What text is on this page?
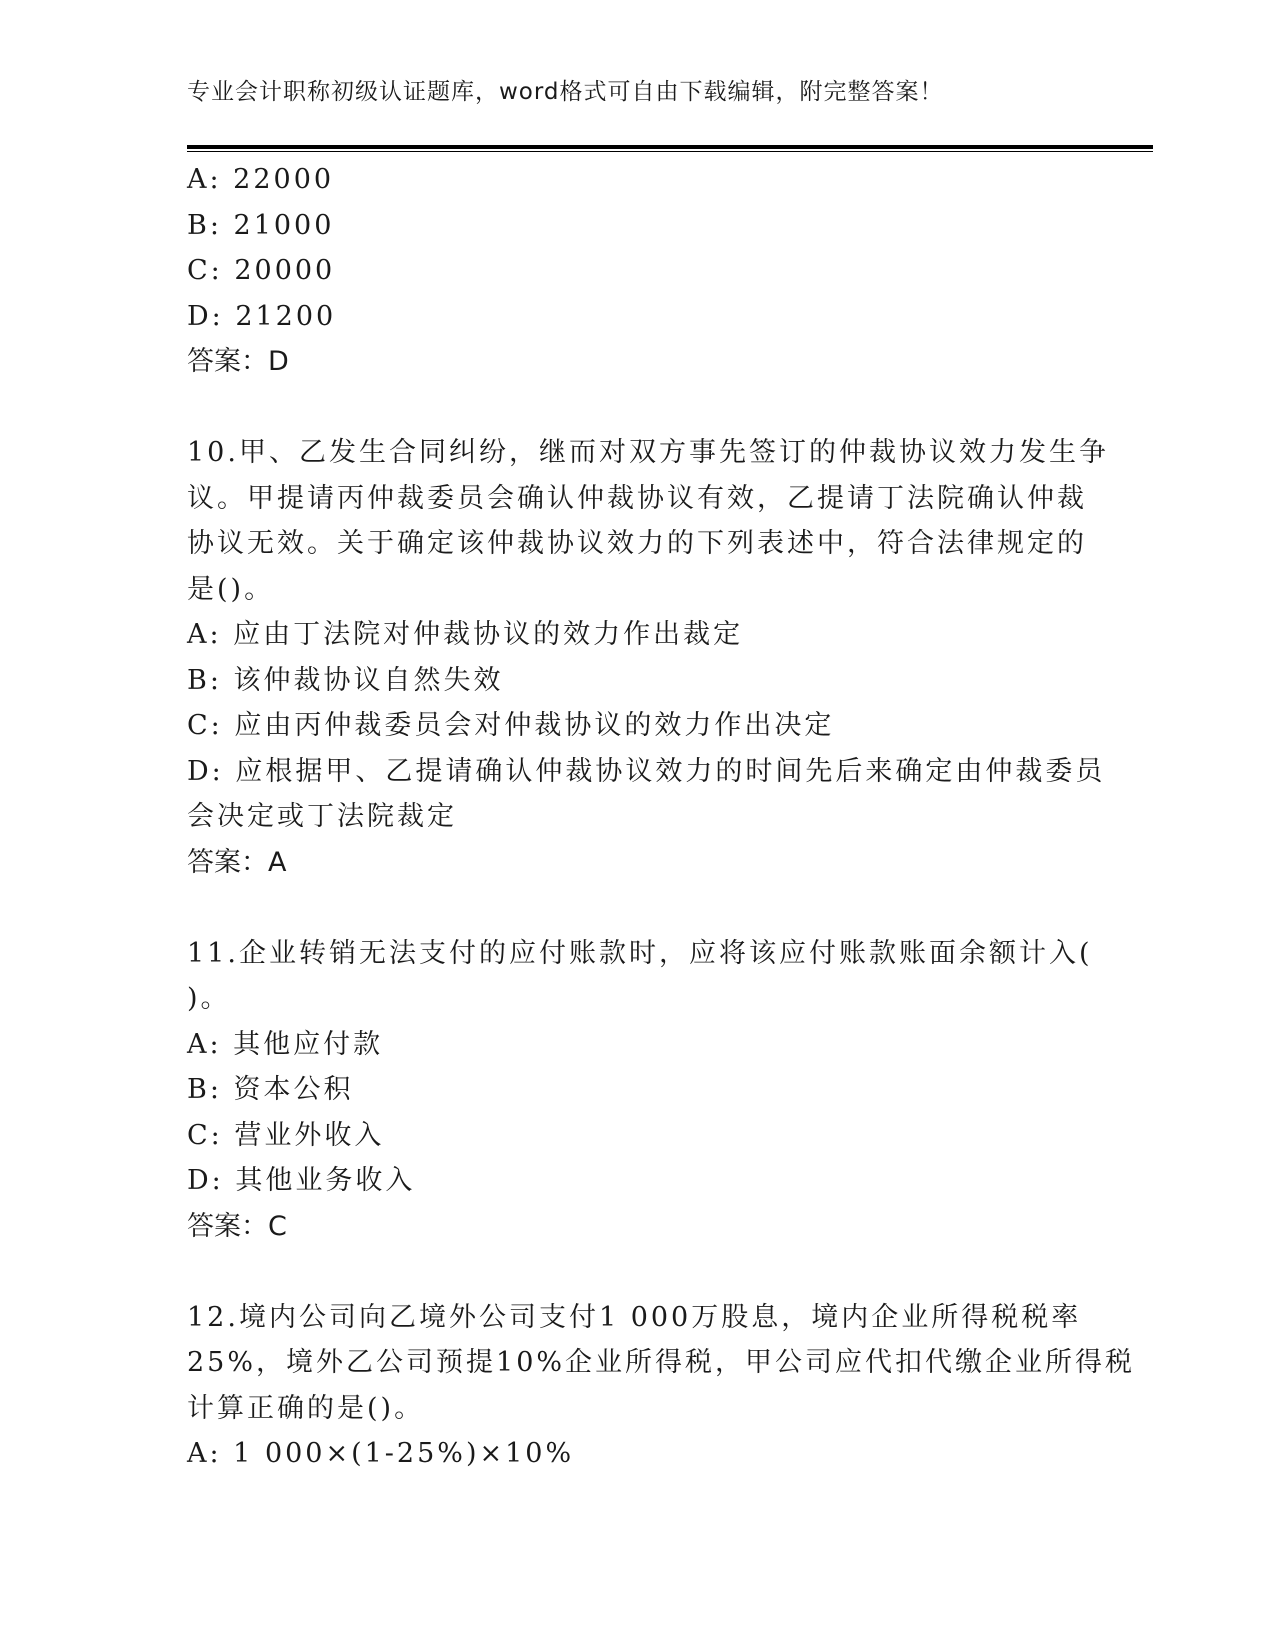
专业会计职称初级认证题库，word格式可自由下载编辑，附完整答案！
A: 22000
B: 21000
C: 20000
D: 21200
答案：D
10.甲、乙发生合同纠纷，继而对双方事先签订的仲裁协议效力发生争
议。甲提请丙仲裁委员会确认仲裁协议有效，乙提请丁法院确认仲裁
协议无效。关于确定该仲裁协议效力的下列表述中，符合法律规定的
是()。
A: 应由丁法院对仲裁协议的效力作出裁定
B: 该仲裁协议自然失效
C: 应由丙仲裁委员会对仲裁协议的效力作出决定
D: 应根据甲、乙提请确认仲裁协议效力的时间先后来确定由仲裁委员
会决定或丁法院裁定
答案：A
11.企业转销无法支付的应付账款时，应将该应付账款账面余额计入(
)。
A: 其他应付款
B: 资本公积
C: 营业外收入
D: 其他业务收入
答案：C
12.境内公司向乙境外公司支付1 000万股息，境内企业所得税税率
25%，境外乙公司预提10%企业所得税，甲公司应代扣代缴企业所得税
计算正确的是()。
A: 1 000×(1-25%)×10%
